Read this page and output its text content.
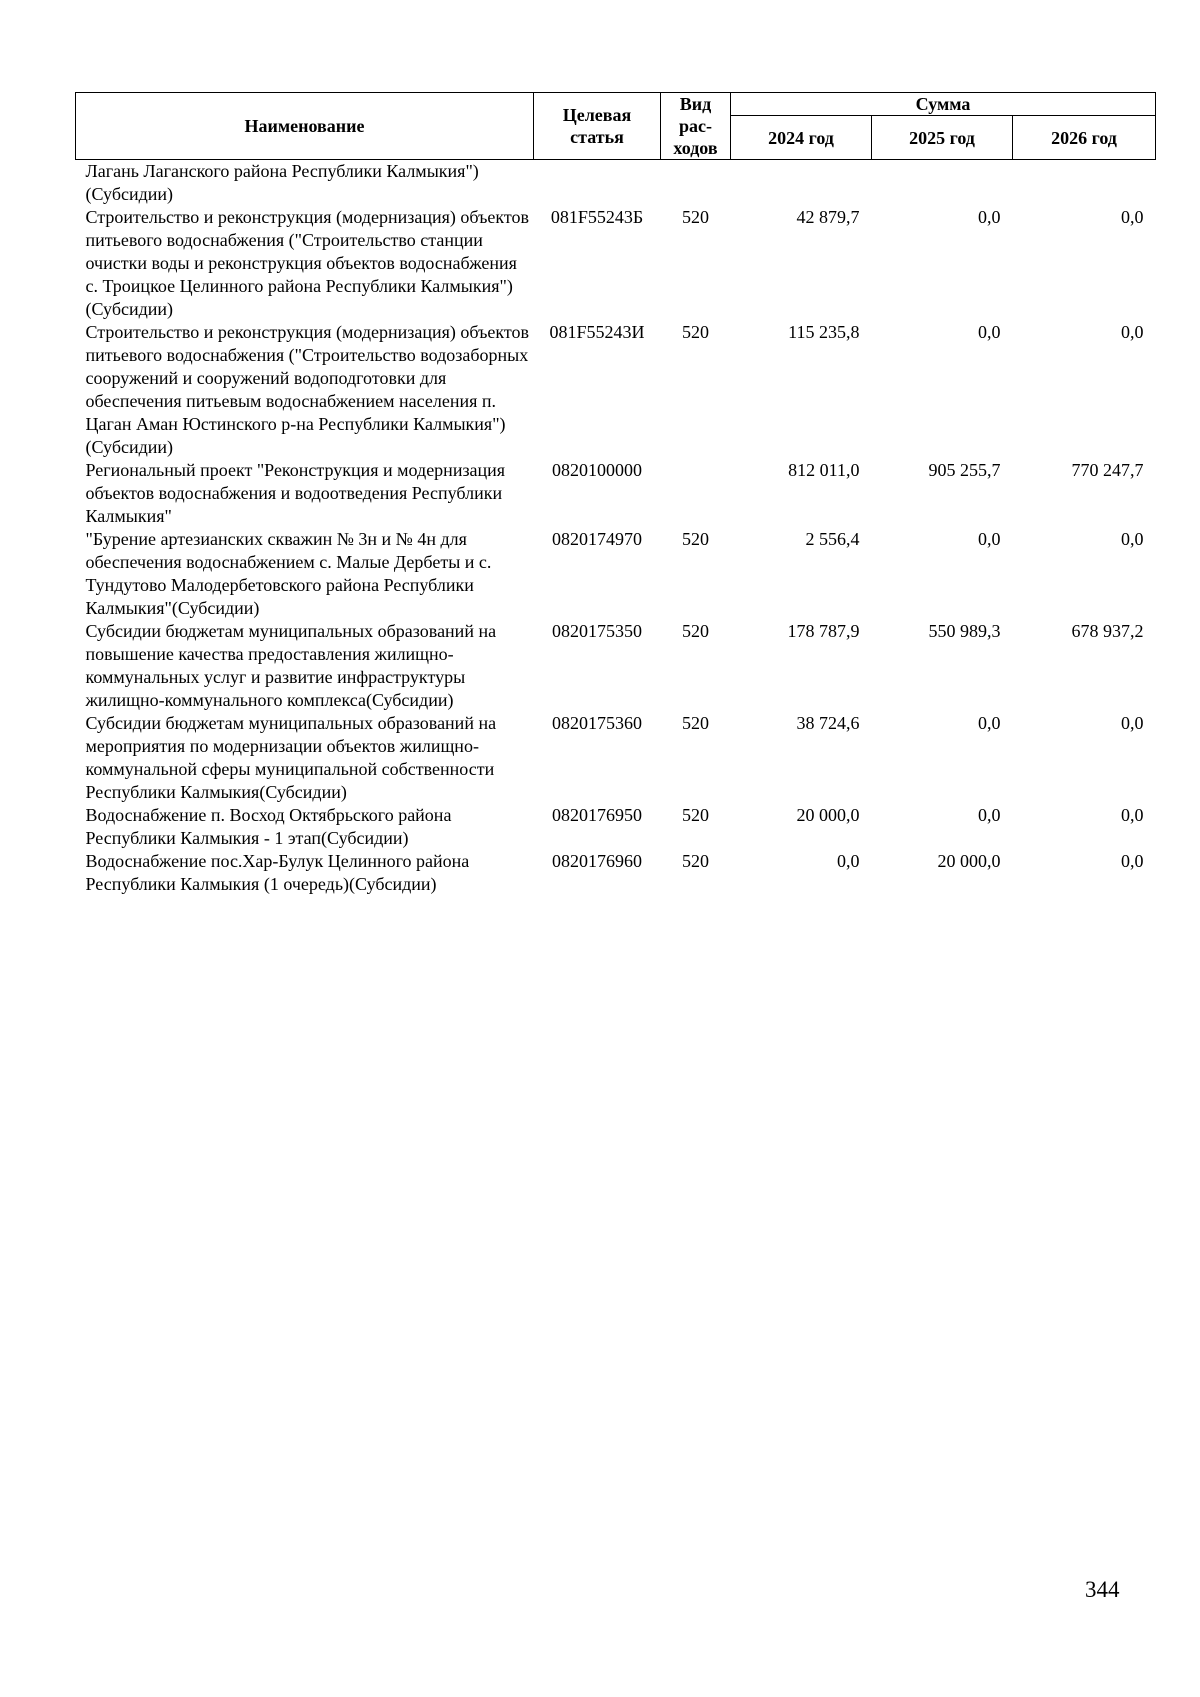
Наименование	Целевая статья	Вид рас-ходов	Сумма		
			2024 год	2025 год	2026 год
Лагань Лаганского района Республики Калмыкия")(Субсидии)					
Строительство и реконструкция (модернизация) объектов питьевого водоснабжения ("Строительство станции очистки воды и реконструкция объектов водоснабжения с. Троицкое Целинного района Республики Калмыкия")(Субсидии)	081F55243Б	520	42 879,7	0,0	0,0
Строительство и реконструкция (модернизация) объектов питьевого водоснабжения ("Строительство водозаборных сооружений и сооружений водоподготовки для обеспечения питьевым водоснабжением населения п. Цаган Аман Юстинского р-на Республики Калмыкия")(Субсидии)	081F55243И	520	115 235,8	0,0	0,0
Региональный проект "Реконструкция и модернизация объектов водоснабжения и водоотведения Республики Калмыкия"	0820100000		812 011,0	905 255,7	770 247,7
"Бурение артезианских скважин № 3н и № 4н для обеспечения водоснабжением с. Малые Дербеты и с. Тундутово Малодербетовского района Республики Калмыкия"(Субсидии)	0820174970	520	2 556,4	0,0	0,0
Субсидии бюджетам муниципальных образований на повышение качества предоставления жилищно-коммунальных услуг и развитие инфраструктуры жилищно-коммунального комплекса(Субсидии)	0820175350	520	178 787,9	550 989,3	678 937,2
Субсидии бюджетам муниципальных образований на мероприятия по модернизации объектов жилищно-коммунальной сферы муниципальной собственности Республики Калмыкия(Субсидии)	0820175360	520	38 724,6	0,0	0,0
Водоснабжение п. Восход Октябрьского района Республики Калмыкия - 1 этап(Субсидии)	0820176950	520	20 000,0	0,0	0,0
Водоснабжение пос.Хар-Булук Целинного района Республики Калмыкия (1 очередь)(Субсидии)	0820176960	520	0,0	20 000,0	0,0
344
